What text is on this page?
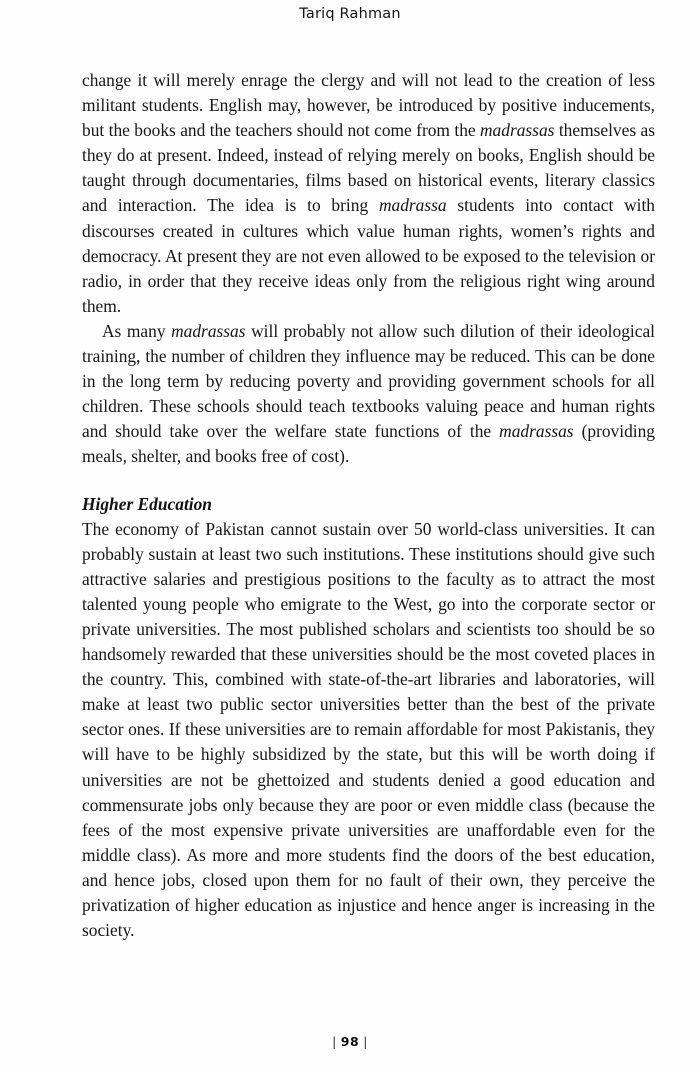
Tariq Rahman

change it will merely enrage the clergy and will not lead to the creation of less militant students. English may, however, be introduced by positive inducements, but the books and the teachers should not come from the madrassas themselves as they do at present. Indeed, instead of relying merely on books, English should be taught through documentaries, films based on historical events, literary classics and interaction. The idea is to bring madrassa students into contact with discourses created in cultures which value human rights, women’s rights and democracy. At present they are not even allowed to be exposed to the television or radio, in order that they receive ideas only from the religious right wing around them.

As many madrassas will probably not allow such dilution of their ideological training, the number of children they influence may be reduced. This can be done in the long term by reducing poverty and providing government schools for all children. These schools should teach textbooks valuing peace and human rights and should take over the welfare state functions of the madrassas (providing meals, shelter, and books free of cost).

Higher Education

The economy of Pakistan cannot sustain over 50 world-class universities. It can probably sustain at least two such institutions. These institutions should give such attractive salaries and prestigious positions to the faculty as to attract the most talented young people who emigrate to the West, go into the corporate sector or private universities. The most published scholars and scientists too should be so handsomely rewarded that these universities should be the most coveted places in the country. This, combined with state-of-the-art libraries and laboratories, will make at least two public sector universities better than the best of the private sector ones. If these universities are to remain affordable for most Pakistanis, they will have to be highly subsidized by the state, but this will be worth doing if universities are not be ghettoized and students denied a good education and commensurate jobs only because they are poor or even middle class (because the fees of the most expensive private universities are unaffordable even for the middle class). As more and more students find the doors of the best education, and hence jobs, closed upon them for no fault of their own, they perceive the privatization of higher education as injustice and hence anger is increasing in the society.

| 98 |
